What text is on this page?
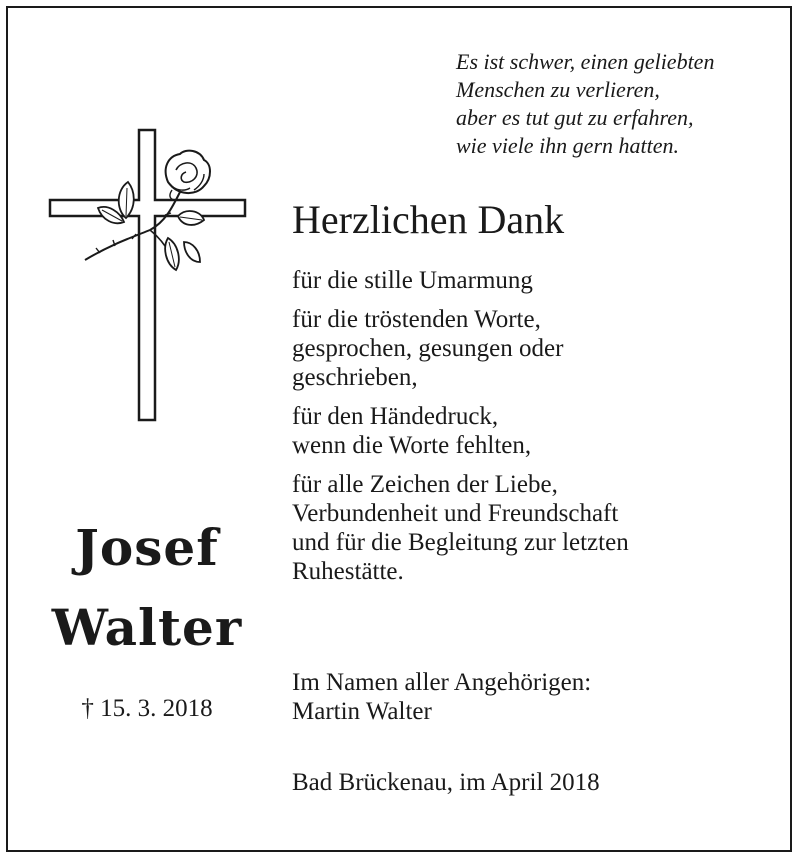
Es ist schwer, einen geliebten
Menschen zu verlieren,
aber es tut gut zu erfahren,
wie viele ihn gern hatten.
Herzlichen Dank
für die stille Umarmung
für die tröstenden Worte,
gesprochen, gesungen oder
geschrieben,
für den Händedruck,
wenn die Worte fehlten,
für alle Zeichen der Liebe,
Verbundenheit und Freundschaft
und für die Begleitung zur letzten
Ruhestätte.
Josef
Walter
† 15. 3. 2018
Im Namen aller Angehörigen:
Martin Walter
Bad Brückenau, im April 2018
